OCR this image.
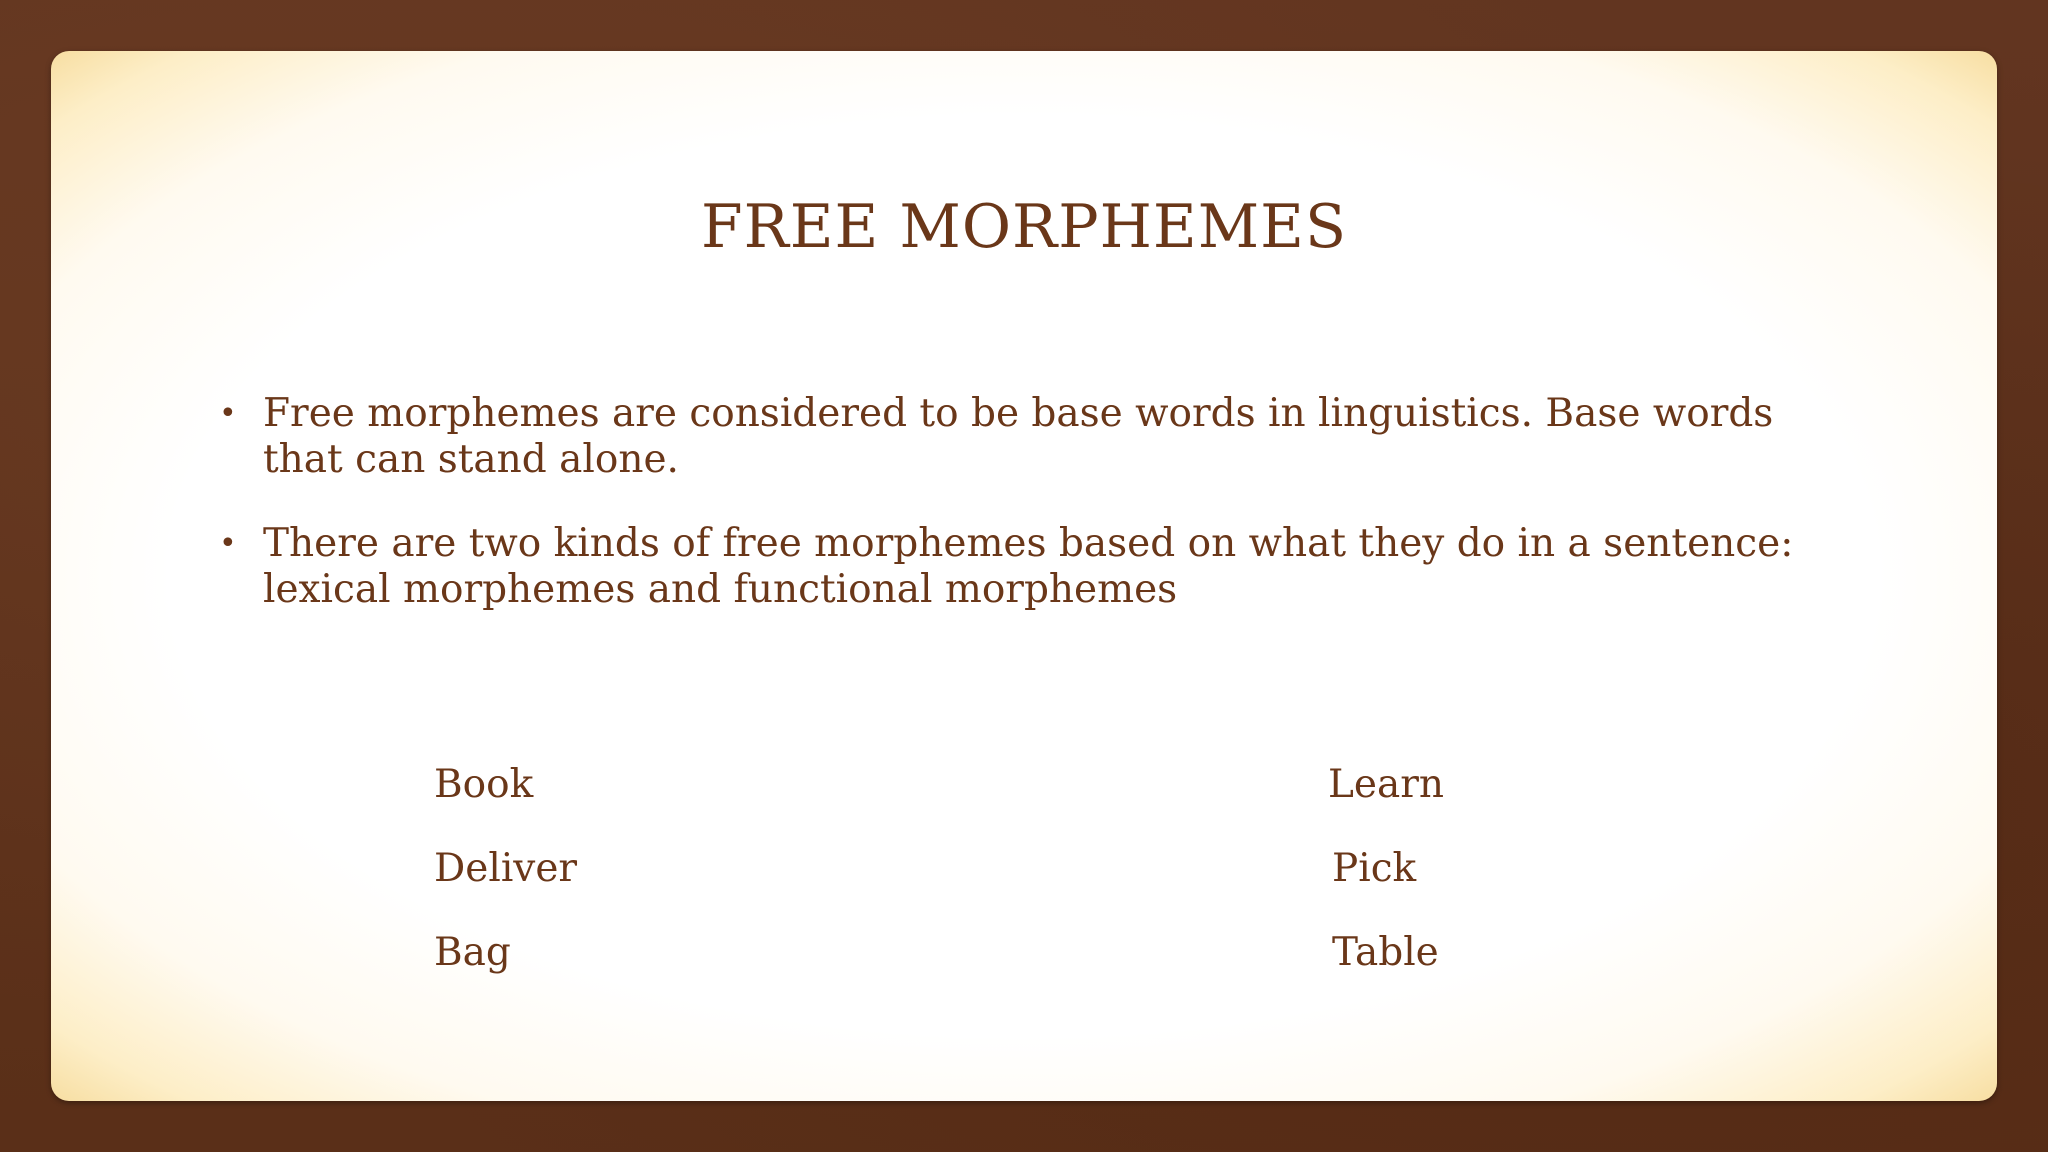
FREE MORPHEMES
• Free morphemes are considered to be base words in linguistics. Base words that can stand alone.
• There are two kinds of free morphemes based on what they do in a sentence: lexical morphemes and functional morphemes
Book
Deliver
Bag
Learn
Pick
Table
